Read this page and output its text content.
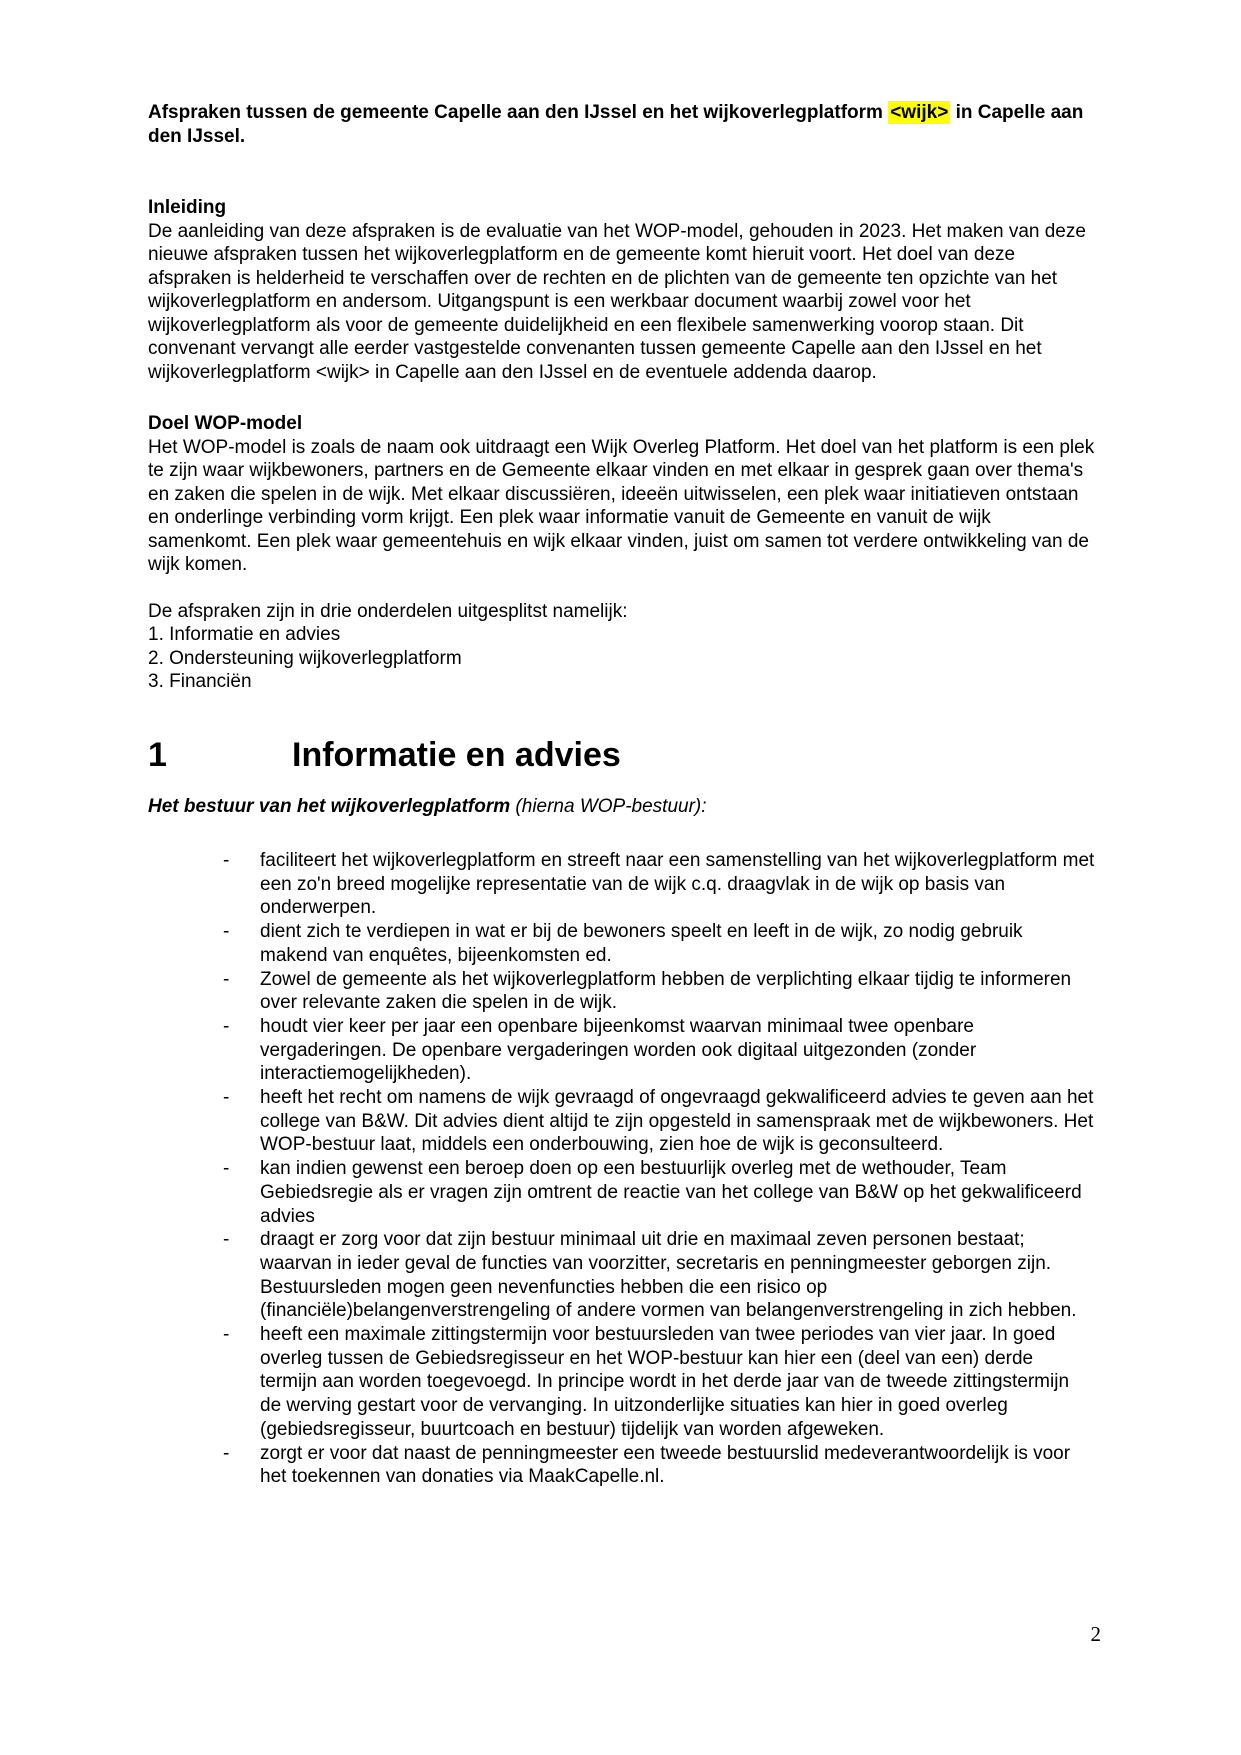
Afspraken tussen de gemeente Capelle aan den IJssel en het wijkoverlegplatform <wijk> in Capelle aan den IJssel.

Inleiding

De aanleiding van deze afspraken is de evaluatie van het WOP-model, gehouden in 2023. Het maken van deze nieuwe afspraken tussen het wijkoverlegplatform en de gemeente komt hieruit voort. Het doel van deze afspraken is helderheid te verschaffen over de rechten en de plichten van de gemeente ten opzichte van het wijkoverlegplatform en andersom. Uitgangspunt is een werkbaar document waarbij zowel voor het wijkoverlegplatform als voor de gemeente duidelijkheid en een flexibele samenwerking voorop staan. Dit convenant vervangt alle eerder vastgestelde convenanten tussen gemeente Capelle aan den IJssel en het wijkoverlegplatform <wijk> in Capelle aan den IJssel en de eventuele addenda daarop.

Doel WOP-model

Het WOP-model is zoals de naam ook uitdraagt een Wijk Overleg Platform. Het doel van het platform is een plek te zijn waar wijkbewoners, partners en de Gemeente elkaar vinden en met elkaar in gesprek gaan over thema's en zaken die spelen in de wijk. Met elkaar discussiëren, ideeën uitwisselen, een plek waar initiatieven ontstaan en onderlinge verbinding vorm krijgt. Een plek waar informatie vanuit de Gemeente en vanuit de wijk samenkomt. Een plek waar gemeentehuis en wijk elkaar vinden, juist om samen tot verdere ontwikkeling van de wijk komen.

De afspraken zijn in drie onderdelen uitgesplitst namelijk:

1. Informatie en advies

2. Ondersteuning wijkoverlegplatform

3. Financiën

1	Informatie en advies

Het bestuur van het wijkoverlegplatform (hierna WOP-bestuur):

- faciliteert het wijkoverlegplatform en streeft naar een samenstelling van het wijkoverlegplatform met een zo'n breed mogelijke representatie van de wijk c.q. draagvlak in de wijk op basis van onderwerpen.
- dient zich te verdiepen in wat er bij de bewoners speelt en leeft in de wijk, zo nodig gebruik makend van enquêtes, bijeenkomsten ed.
- Zowel de gemeente als het wijkoverlegplatform hebben de verplichting elkaar tijdig te informeren over relevante zaken die spelen in de wijk.
- houdt vier keer per jaar een openbare bijeenkomst waarvan minimaal twee openbare vergaderingen. De openbare vergaderingen worden ook digitaal uitgezonden (zonder interactiemogelijkheden).
- heeft het recht om namens de wijk gevraagd of ongevraagd gekwalificeerd advies te geven aan het college van B&W. Dit advies dient altijd te zijn opgesteld in samenspraak met de wijkbewoners. Het WOP-bestuur laat, middels een onderbouwing, zien hoe de wijk is geconsulteerd.
- kan indien gewenst een beroep doen op een bestuurlijk overleg met de wethouder, Team Gebiedsregie als er vragen zijn omtrent de reactie van het college van B&W op het gekwalificeerd advies
- draagt er zorg voor dat zijn bestuur minimaal uit drie en maximaal zeven personen bestaat; waarvan in ieder geval de functies van voorzitter, secretaris en penningmeester geborgen zijn. Bestuursleden mogen geen nevenfuncties hebben die een risico op (financiële)belangenverstrengeling of andere vormen van belangenverstrengeling in zich hebben.
- heeft een maximale zittingstermijn voor bestuursleden van twee periodes van vier jaar. In goed overleg tussen de Gebiedsregisseur en het WOP-bestuur kan hier een (deel van een) derde termijn aan worden toegevoegd. In principe wordt in het derde jaar van de tweede zittingstermijn de werving gestart voor de vervanging. In uitzonderlijke situaties kan hier in goed overleg (gebiedsregisseur, buurtcoach en bestuur) tijdelijk van worden afgeweken.
- zorgt er voor dat naast de penningmeester een tweede bestuurslid medeverantwoordelijk is voor het toekennen van donaties via MaakCapelle.nl.
2
